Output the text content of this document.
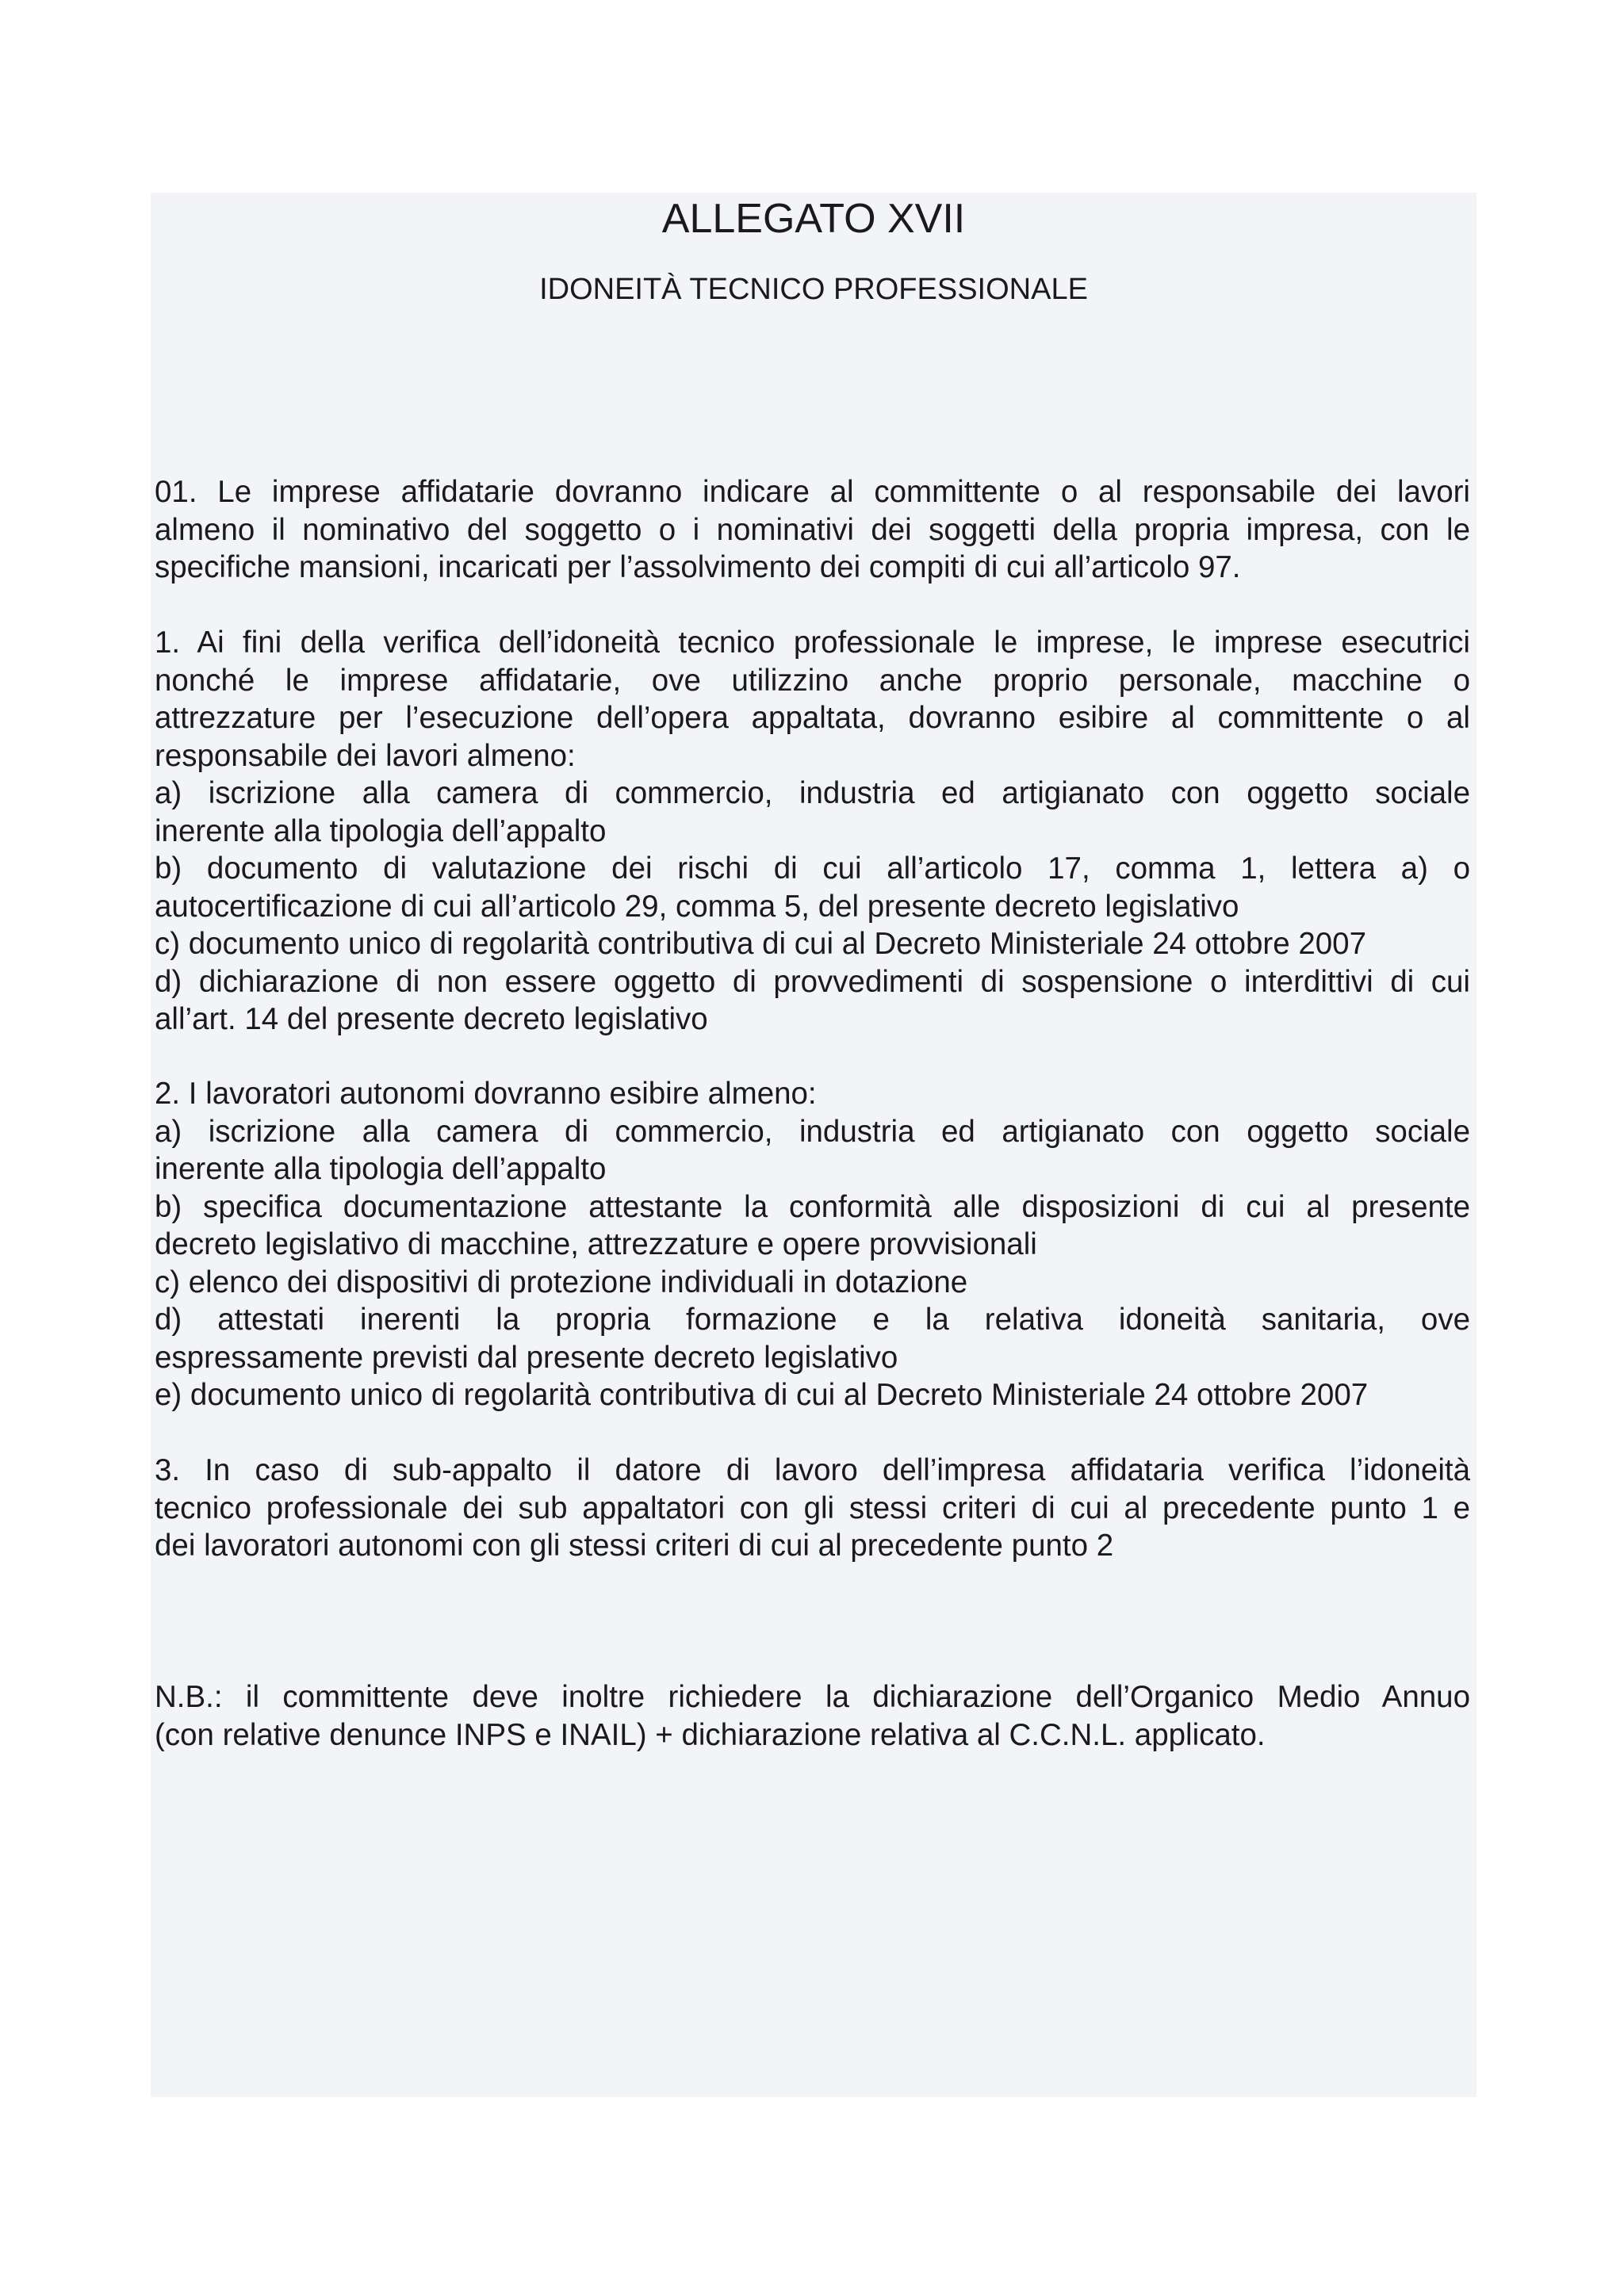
ALLEGATO XVII
IDONEITÀ TECNICO PROFESSIONALE
01. Le imprese affidatarie dovranno indicare al committente o al responsabile dei lavori
almeno il nominativo del soggetto o i nominativi dei soggetti della propria impresa, con le
specifiche mansioni, incaricati per l’assolvimento dei compiti di cui all’articolo 97.
1. Ai fini della verifica dell’idoneità tecnico professionale le imprese, le imprese esecutrici
nonché le imprese affidatarie, ove utilizzino anche proprio personale, macchine o
attrezzature per l’esecuzione dell’opera appaltata, dovranno esibire al committente o al
responsabile dei lavori almeno:
a) iscrizione alla camera di commercio, industria ed artigianato con oggetto sociale
inerente alla tipologia dell’appalto
b) documento di valutazione dei rischi di cui all’articolo 17, comma 1, lettera a) o
autocertificazione di cui all’articolo 29, comma 5, del presente decreto legislativo
c) documento unico di regolarità contributiva di cui al Decreto Ministeriale 24 ottobre 2007
d) dichiarazione di non essere oggetto di provvedimenti di sospensione o interdittivi di cui
all’art. 14 del presente decreto legislativo
2. I lavoratori autonomi dovranno esibire almeno:
a) iscrizione alla camera di commercio, industria ed artigianato con oggetto sociale
inerente alla tipologia dell’appalto
b) specifica documentazione attestante la conformità alle disposizioni di cui al presente
decreto legislativo di macchine, attrezzature e opere provvisionali
c) elenco dei dispositivi di protezione individuali in dotazione
d) attestati inerenti la propria formazione e la relativa idoneità sanitaria, ove
espressamente previsti dal presente decreto legislativo
e) documento unico di regolarità contributiva di cui al Decreto Ministeriale 24 ottobre 2007
3. In caso di sub-appalto il datore di lavoro dell’impresa affidataria verifica l’idoneità
tecnico professionale dei sub appaltatori con gli stessi criteri di cui al precedente punto 1 e
dei lavoratori autonomi con gli stessi criteri di cui al precedente punto 2
N.B.: il committente deve inoltre richiedere la dichiarazione dell’Organico Medio Annuo
(con relative denunce INPS e INAIL) + dichiarazione relativa al C.C.N.L. applicato.
